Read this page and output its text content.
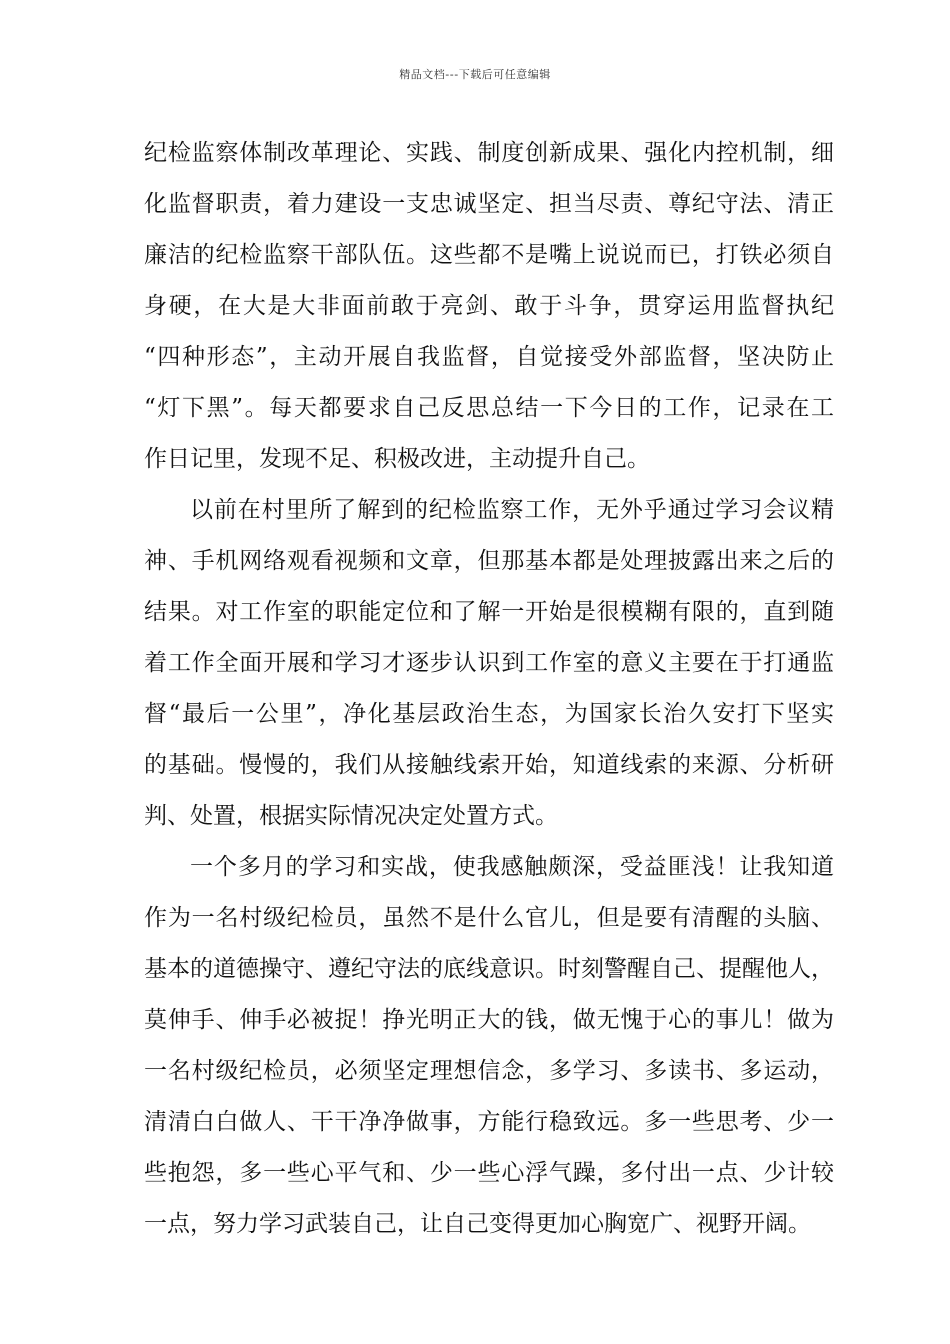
精品文档---下载后可任意编辑
纪检监察体制改革理论、实践、制度创新成果、强化内控机制，细
化监督职责，着力建设一支忠诚坚定、担当尽责、尊纪守法、清正
廉洁的纪检监察干部队伍。这些都不是嘴上说说而已，打铁必须自
身硬，在大是大非面前敢于亮剑、敢于斗争，贯穿运用监督执纪
“四种形态”，主动开展自我监督，自觉接受外部监督，坚决防止
“灯下黑”。每天都要求自己反思总结一下今日的工作，记录在工
作日记里，发现不足、积极改进，主动提升自己。
以前在村里所了解到的纪检监察工作，无外乎通过学习会议精
神、手机网络观看视频和文章，但那基本都是处理披露出来之后的
结果。对工作室的职能定位和了解一开始是很模糊有限的，直到随
着工作全面开展和学习才逐步认识到工作室的意义主要在于打通监
督“最后一公里”，净化基层政治生态，为国家长治久安打下坚实
的基础。慢慢的，我们从接触线索开始，知道线索的来源、分析研
判、处置，根据实际情况决定处置方式。
一个多月的学习和实战，使我感触颇深，受益匪浅！让我知道
作为一名村级纪检员，虽然不是什么官儿，但是要有清醒的头脑、
基本的道德操守、遵纪守法的底线意识。时刻警醒自己、提醒他人，
莫伸手、伸手必被捉！挣光明正大的钱，做无愧于心的事儿！做为
一名村级纪检员，必须坚定理想信念，多学习、多读书、多运动，
清清白白做人、干干净净做事，方能行稳致远。多一些思考、少一
些抱怨，多一些心平气和、少一些心浮气躁，多付出一点、少计较
一点，努力学习武装自己，让自己变得更加心胸宽广、视野开阔。
